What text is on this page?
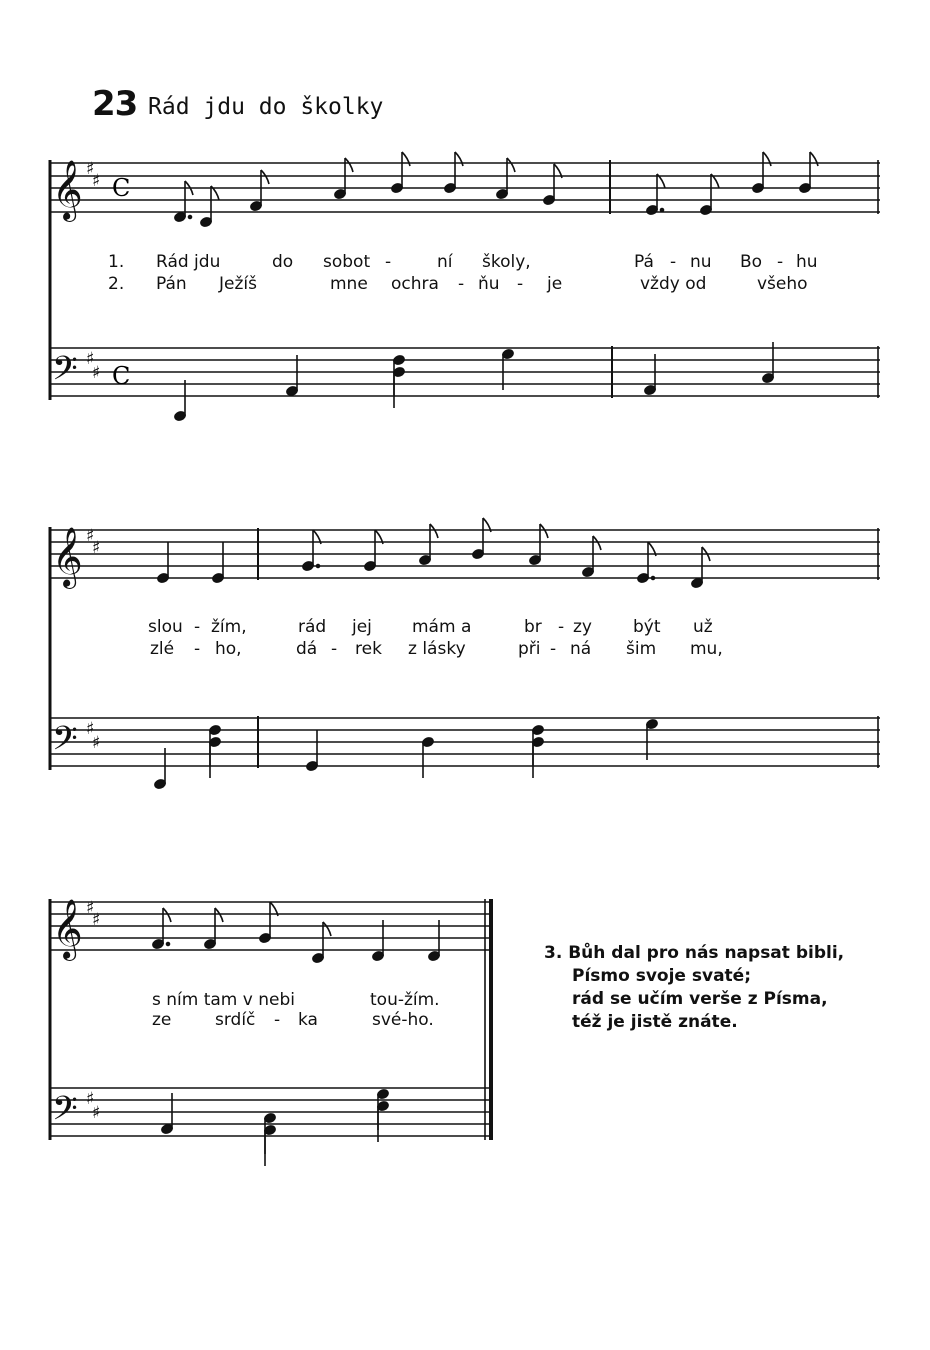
23 Rád jdu do školky
𝄞
𝄢
𝄞
𝄢
𝄞
𝄢
♯
♯
♯
♯
♯
♯
♯
♯
♯
♯
♯
♯
C
C
1.
2.
Rád jdu	do sobot -	ní školy,	Pá - nu Bo - hu
Pán Ježíš	mne ochra - ňu - je	vždy od	všeho
slou - žím,	rád jej mám a	br - zy být už
zlé - ho,	dá - rek z lásky	při - ná šim mu,
s ním tam v nebi	tou-žím.
ze	srdíč - ka	své-ho.
3. Bůh dal pro nás napsat bibli,
Písmo svoje svaté;
rád se učím verše z Písma,
též je jistě znáte.
